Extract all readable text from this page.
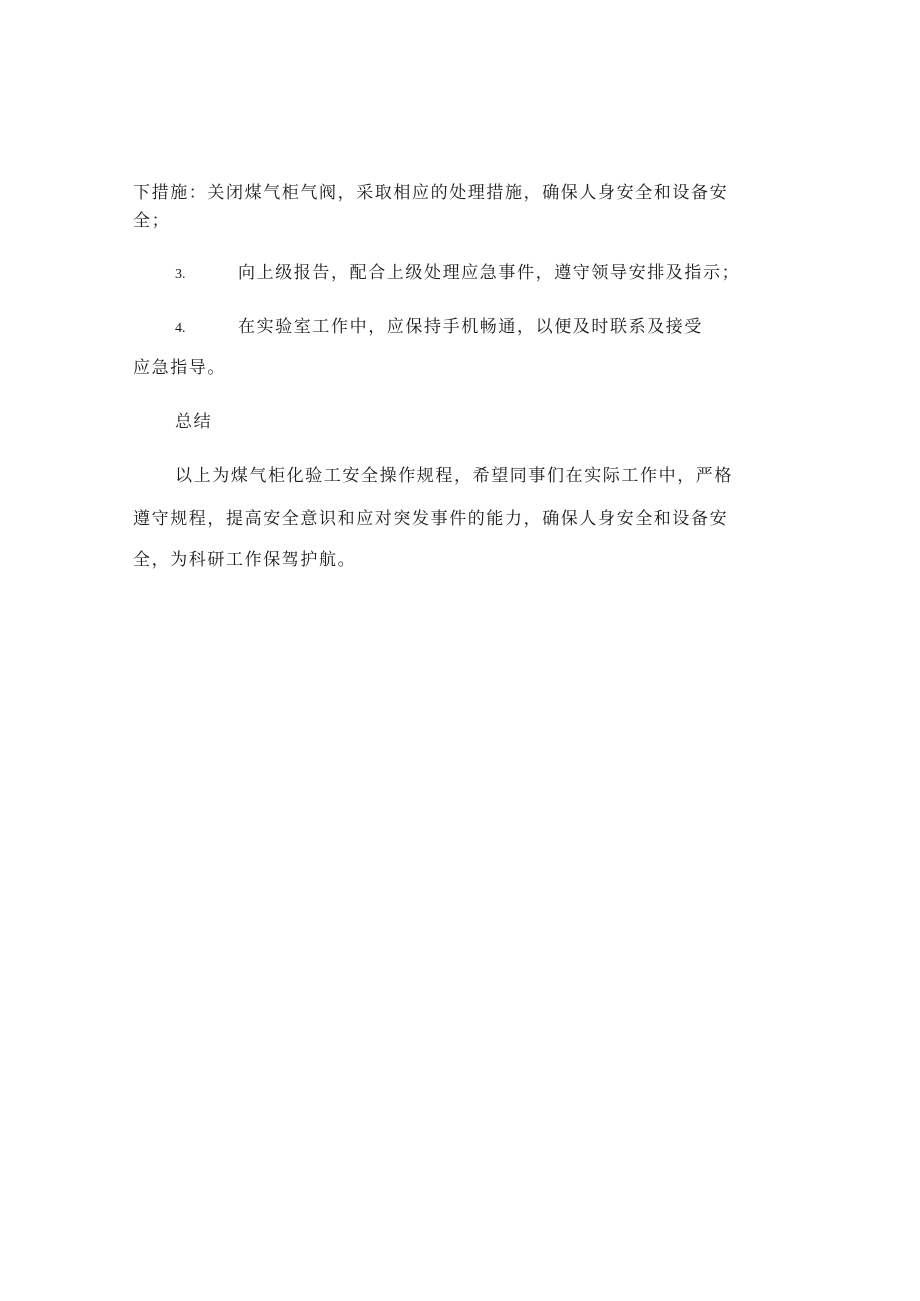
下措施：关闭煤气柜气阀，采取相应的处理措施，确保人身安全和设备安
全；
3.	向上级报告，配合上级处理应急事件，遵守领导安排及指示；
4.	在实验室工作中，应保持手机畅通，以便及时联系及接受
应急指导。
总结
以上为煤气柜化验工安全操作规程，希望同事们在实际工作中，严格
遵守规程，提高安全意识和应对突发事件的能力，确保人身安全和设备安
全，为科研工作保驾护航。
